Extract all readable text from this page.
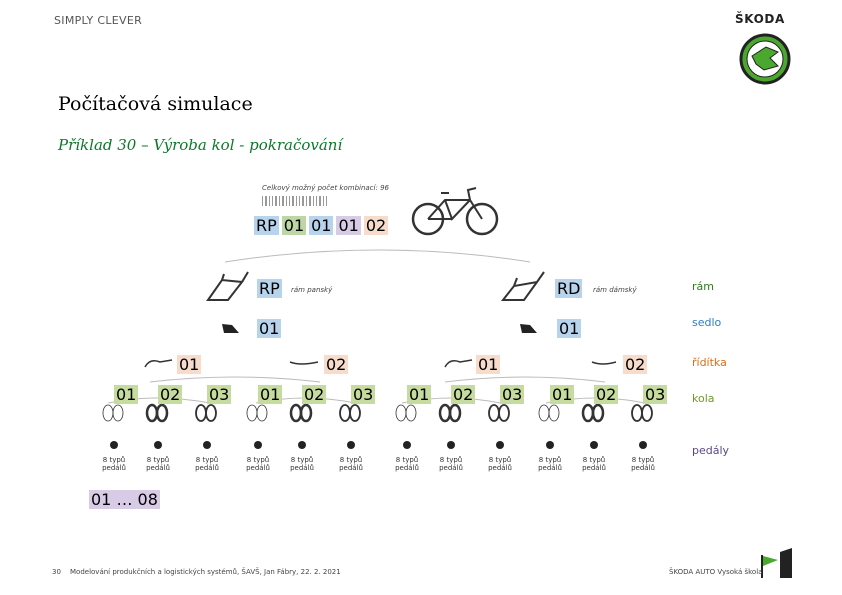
SIMPLY CLEVER	ŠKODA
Počítačová simulace
Příklad 30 – Výroba kol - pokračování
Celkový možný počet kombinací: 96
RP 01 01 01 02
RP rám panský	RD rám dámský
01	01
01	02	01	02
01 02 03 01 02 03 01 02 03 01 02 03
8 typů
pedálů
8 typů
pedálů
8 typů
pedálů
8 typů
pedálů
8 typů
pedálů
8 typů
pedálů
8 typů
pedálů
8 typů
pedálů
8 typů
pedálů
8 typů
pedálů
8 typů
pedálů
8 typů
pedálů
01 … 08
rám
sedlo
řídítka
kola
pedály
30 Modelování produkčních a logistických systémů, ŠAVŠ, Jan Fábry, 22. 2. 2021	ŠKODA AUTO Vysoká škola
